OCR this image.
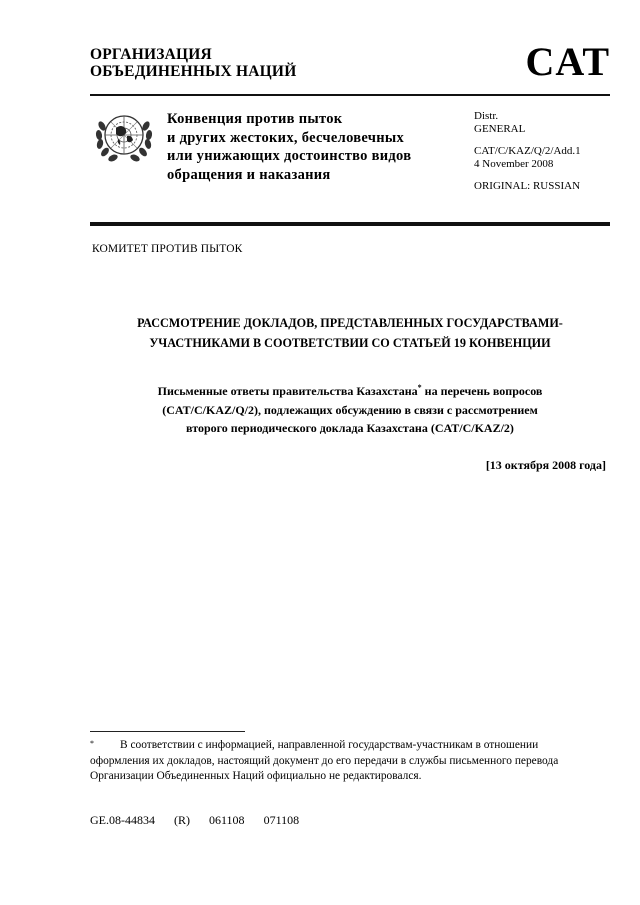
ОРГАНИЗАЦИЯ
ОБЪЕДИНЕННЫХ НАЦИЙ	CAT
Конвенция против пыток
и других жестоких, бесчеловечных
или унижающих достоинство видов
обращения и наказания
Distr.
GENERAL
CAT/C/KAZ/Q/2/Add.1
4 November 2008
ORIGINAL: RUSSIAN
КОМИТЕТ ПРОТИВ ПЫТОК
РАССМОТРЕНИЕ ДОКЛАДОВ, ПРЕДСТАВЛЕННЫХ ГОСУДАРСТВАМИ-
УЧАСТНИКАМИ В СООТВЕТСТВИИ СО СТАТЬЕЙ 19 КОНВЕНЦИИ
Письменные ответы правительства Казахстана* на перечень вопросов
(CAT/C/KAZ/Q/2), подлежащих обсуждению в связи с рассмотрением
второго периодического доклада Казахстана (CAT/C/KAZ/2)
[13 октября 2008 года]
*	В соответствии с информацией, направленной государствам-участникам в отношении оформления их докладов, настоящий документ до его передачи в службы письменного перевода Организации Объединенных Наций официально не редактировался.
GE.08-44834 (R) 061108 071108
